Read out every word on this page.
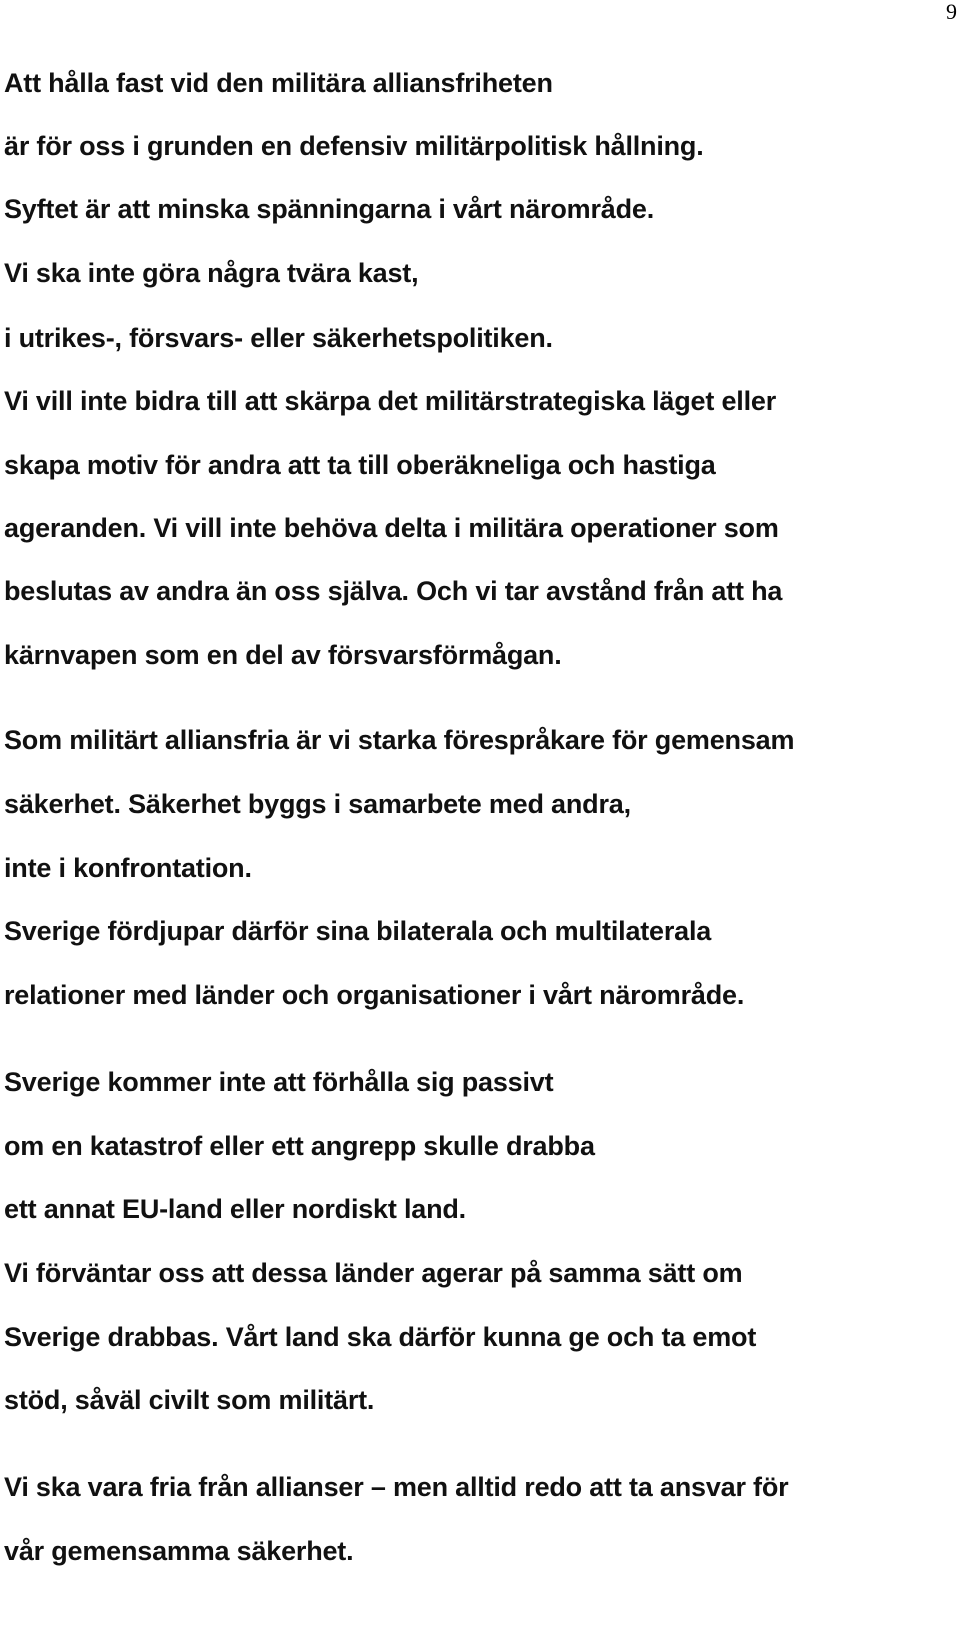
9
Att hålla fast vid den militära alliansfriheten
är för oss i grunden en defensiv militärpolitisk hållning.
Syftet är att minska spänningarna i vårt närområde.
Vi ska inte göra några tvära kast,
i utrikes-, försvars- eller säkerhetspolitiken.
Vi vill inte bidra till att skärpa det militärstrategiska läget eller
skapa motiv för andra att ta till oberäkneliga och hastiga
ageranden. Vi vill inte behöva delta i militära operationer som
beslutas av andra än oss själva. Och vi tar avstånd från att ha
kärnvapen som en del av försvarsförmågan.
Som militärt alliansfria är vi starka förespråkare för gemensam
säkerhet. Säkerhet byggs i samarbete med andra,
inte i konfrontation.
Sverige fördjupar därför sina bilaterala och multilaterala
relationer med länder och organisationer i vårt närområde.
Sverige kommer inte att förhålla sig passivt
om en katastrof eller ett angrepp skulle drabba
ett annat EU-land eller nordiskt land.
Vi förväntar oss att dessa länder agerar på samma sätt om
Sverige drabbas. Vårt land ska därför kunna ge och ta emot
stöd, såväl civilt som militärt.
Vi ska vara fria från allianser – men alltid redo att ta ansvar för
vår gemensamma säkerhet.
